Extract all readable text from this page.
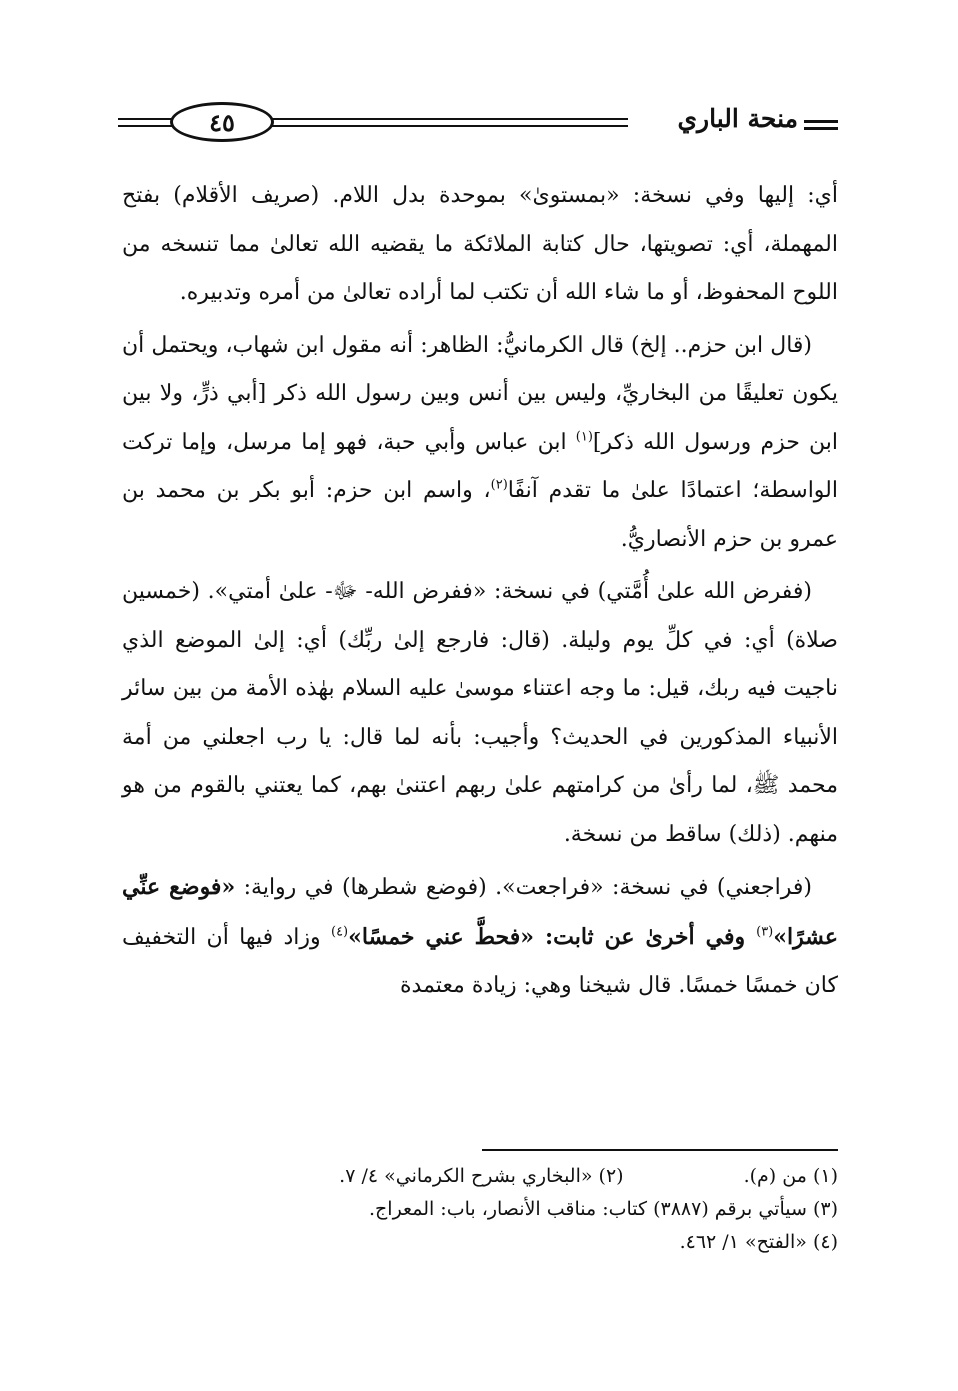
منحة الباري
٤٥

أي: إليها وفي نسخة: «بمستوىٰ» بموحدة بدل اللام. (صريف الأقلام) بفتح المهملة، أي: تصويتها، حال كتابة الملائكة ما يقضيه الله تعالىٰ مما تنسخه من اللوح المحفوظ، أو ما شاء الله أن تكتب لما أراده تعالىٰ من أمره وتدبيره.

(قال ابن حزم.. إلخ) قال الكرمانيُّ: الظاهر: أنه مقول ابن شهاب، ويحتمل أن يكون تعليقًا من البخاريِّ، وليس بين أنس وبين رسول الله ذكر [أبي ذرٍّ، ولا بين ابن حزم ورسول الله ذكر]$^{(١)}$ ابن عباس وأبي حبة، فهو إما مرسل، وإما تركت الواسطة؛ اعتمادًا علىٰ ما تقدم آنفًا$^{(٢)}$، واسم ابن حزم: أبو بكر بن محمد بن عمرو بن حزم الأنصاريُّ.

(ففرض الله علىٰ أُمَّتي) في نسخة: «ففرض الله- ﷻ- علىٰ أمتي». (خمسين صلاة) أي: في كلِّ يوم وليلة. (قال: فارجع إلىٰ ربِّك) أي: إلىٰ الموضع الذي ناجيت فيه ربك، قيل: ما وجه اعتناء موسىٰ عليه السلام بهٰذه الأمة من بين سائر الأنبياء المذكورين في الحديث؟ وأجيب: بأنه لما قال: يا رب اجعلني من أمة محمد ﷺ، لما رأىٰ من كرامتهم علىٰ ربهم اعتنىٰ بهم، كما يعتني بالقوم من هو منهم. (ذلك) ساقط من نسخة.

(فراجعني) في نسخة: «فراجعت». (فوضع شطرها) في رواية: «فوضع عنِّي عشرًا»$^{(٣)}$ وفي أخرىٰ عن ثابت: «فحطَّ عني خمسًا»$^{(٤)}$ وزاد فيها أن التخفيف كان خمسًا خمسًا. قال شيخنا وهي: زيادة معتمدة

(١) من (م).(٢) «البخاري بشرح الكرماني» ٤/ ٧.
(٣) سيأتي برقم (٣٨٨٧) كتاب: مناقب الأنصار، باب: المعراج.
(٤) «الفتح» ١/ ٤٦٢.
